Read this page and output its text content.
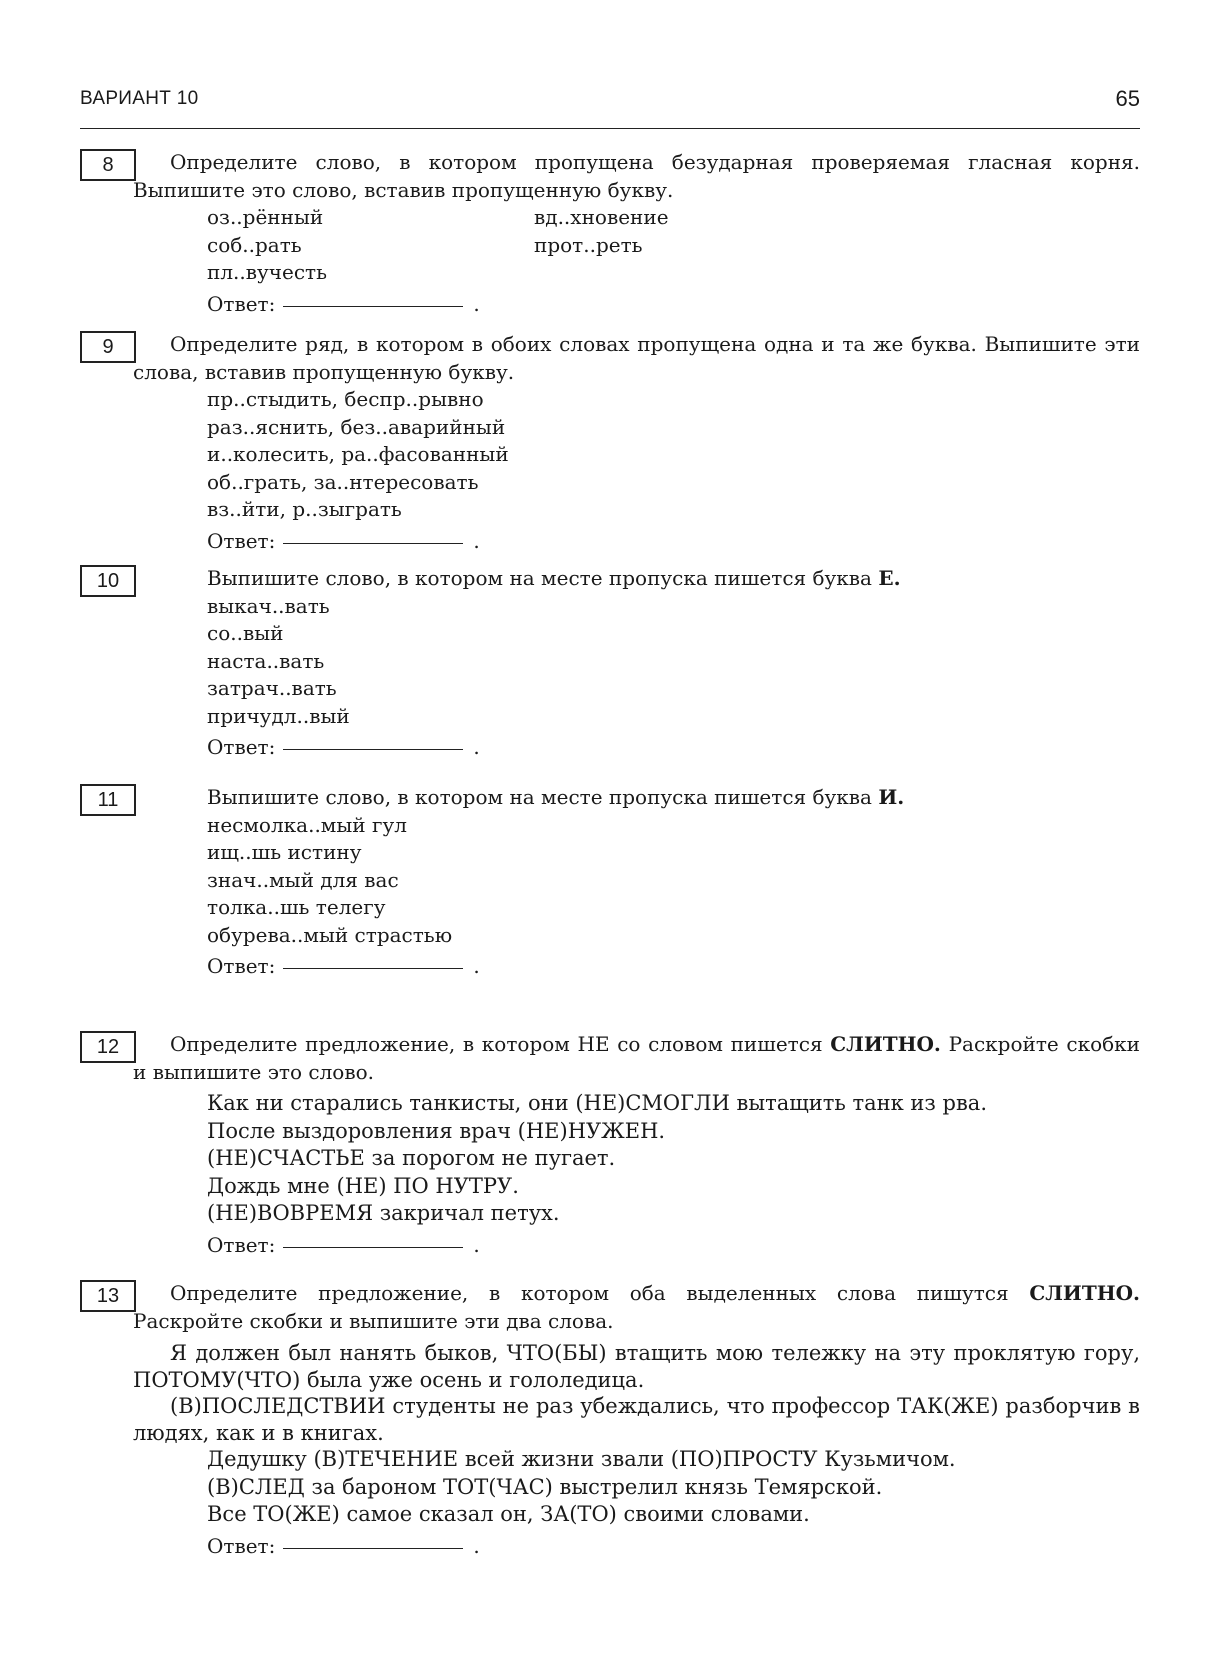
ВАРИАНТ 10	65
8	Определите слово, в котором пропущена безударная проверяемая гласная корня. Выпишите это слово, вставив пропущенную букву.
оз..рённый	вд..хновение
соб..рать	прот..реть
пл..вучесть
Ответ:	.
9	Определите ряд, в котором в обоих словах пропущена одна и та же буква. Выпишите эти слова, вставив пропущенную букву.
пр..стыдить, беспр..рывно
раз..яснить, без..аварийный
и..колесить, ра..фасованный
об..грать, за..нтересовать
вз..йти, р..зыграть
Ответ:	.
10	Выпишите слово, в котором на месте пропуска пишется буква Е.
выкач..вать
со..вый
наста..вать
затрач..вать
причудл..вый
Ответ:	.
11	Выпишите слово, в котором на месте пропуска пишется буква И.
несмолка..мый гул
ищ..шь истину
знач..мый для вас
толка..шь телегу
обурева..мый страстью
Ответ:	.
12	Определите предложение, в котором НЕ со словом пишется СЛИТНО. Раскройте скобки и выпишите это слово.
Как ни старались танкисты, они (НЕ)СМОГЛИ вытащить танк из рва.
После выздоровления врач (НЕ)НУЖЕН.
(НЕ)СЧАСТЬЕ за порогом не пугает.
Дождь мне (НЕ) ПО НУТРУ.
(НЕ)ВОВРЕМЯ закричал петух.
Ответ:	.
13	Определите предложение, в котором оба выделенных слова пишутся СЛИТНО. Раскройте скобки и выпишите эти два слова.
Я должен был нанять быков, ЧТО(БЫ) втащить мою тележку на эту проклятую гору, ПОТОМУ(ЧТО) была уже осень и гололедица.
(В)ПОСЛЕДСТВИИ студенты не раз убеждались, что профессор ТАК(ЖЕ) разборчив в людях, как и в книгах.
Дедушку (В)ТЕЧЕНИЕ всей жизни звали (ПО)ПРОСТУ Кузьмичом.
(В)СЛЕД за бароном ТОТ(ЧАС) выстрелил князь Темярской.
Все ТО(ЖЕ) самое сказал он, ЗА(ТО) своими словами.
Ответ:	.
